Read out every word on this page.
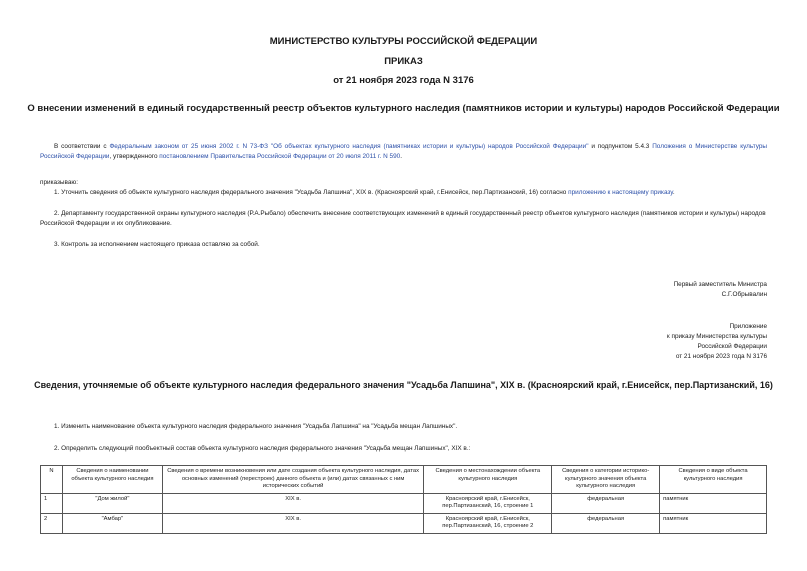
МИНИСТЕРСТВО КУЛЬТУРЫ РОССИЙСКОЙ ФЕДЕРАЦИИ
ПРИКАЗ
от 21 ноября 2023 года N 3176
О внесении изменений в единый государственный реестр объектов культурного наследия (памятников истории и культуры) народов Российской Федерации
В соответствии с Федеральным законом от 25 июня 2002 г. N 73-ФЗ "Об объектах культурного наследия (памятниках истории и культуры) народов Российской Федерации" и подпунктом 5.4.3 Положения о Министерстве культуры Российской Федерации, утвержденного постановлением Правительства Российской Федерации от 20 июля 2011 г. N 590.
приказываю:
1. Уточнить сведения об объекте культурного наследия федерального значения "Усадьба Лапшина", XIX в. (Красноярский край, г.Енисейск, пер.Партизанский, 16) согласно приложению к настоящему приказу.
2. Департаменту государственной охраны культурного наследия (Р.А.Рыбало) обеспечить внесение соответствующих изменений в единый государственный реестр объектов культурного наследия (памятников истории и культуры) народов Российской Федерации и их опубликование.
3. Контроль за исполнением настоящего приказа оставляю за собой.
Первый заместитель Министра
С.Г.Обрывалин
Приложение
к приказу Министерства культуры
Российской Федерации
от 21 ноября 2023 года N 3176
Сведения, уточняемые об объекте культурного наследия федерального значения "Усадьба Лапшина", XIX в. (Красноярский край, г.Енисейск, пер.Партизанский, 16)
1. Изменить наименование объекта культурного наследия федерального значения "Усадьба Лапшина" на "Усадьба мещан Лапшиных".
2. Определить следующий пообъектный состав объекта культурного наследия федерального значения "Усадьба мещан Лапшиных", XIX в.:
N	Сведения о наименовании объекта культурного наследия	Сведения о времени возникновения или дате создания объекта культурного наследия, датах основных изменений (перестроек) данного объекта и (или) датах связанных с ним исторических событий	Сведения о местонахождении объекта культурного наследия	Сведения о категории историко-культурного значения объекта культурного наследия	Сведения о виде объекта культурного наследия
1	"Дом жилой"	XIX в.	Красноярский край, г.Енисейск, пер.Партизанский, 16, строение 1	федеральная	памятник
2	"Амбар"	XIX в.	Красноярский край, г.Енисейск, пер.Партизанский, 16, строение 2	федеральная	памятник
